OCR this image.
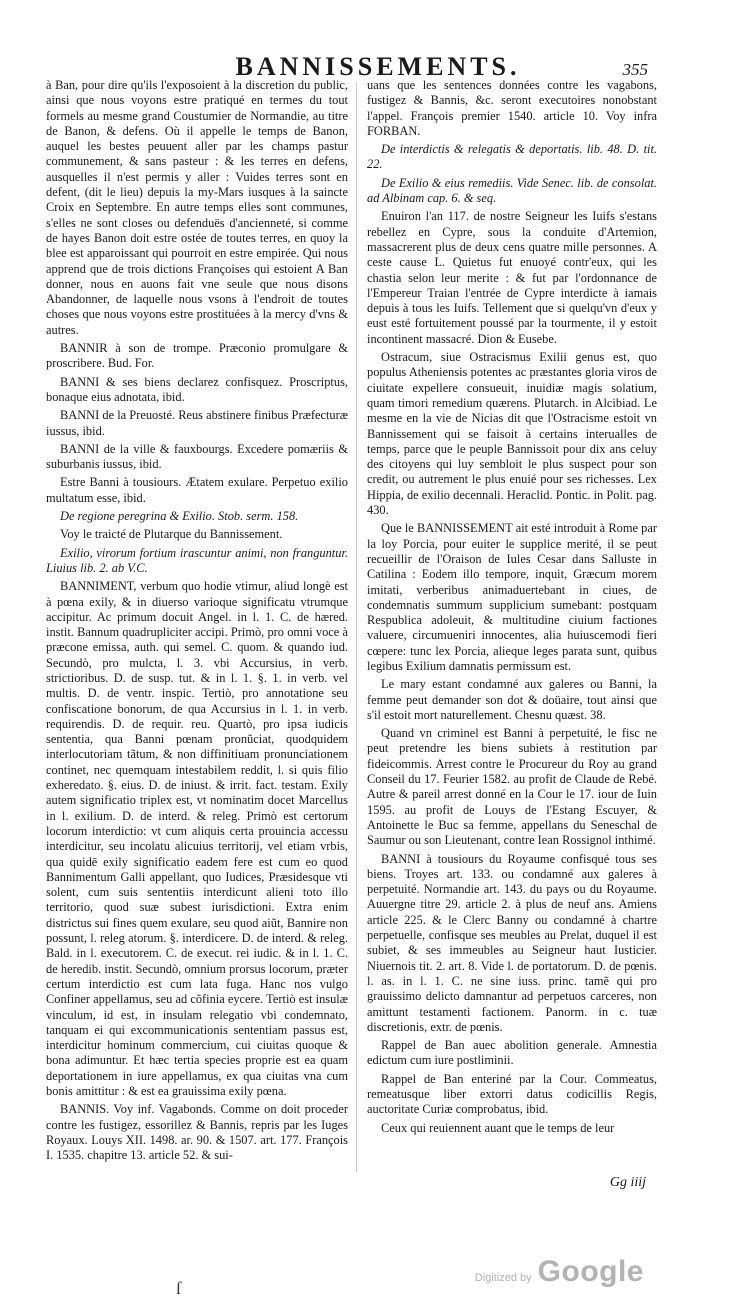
BANNISSEMENTS.	355

à Ban, pour dire qu'ils l'exposoient à la discretion du public, ainsi que nous voyons estre pratiqué en termes du tout formels au mesme grand Coustumier de Normandie, au titre de Banon, & defens. Où il appelle le temps de Banon, auquel les bestes peuuent aller par les champs pastur communement, & sans pasteur : & les terres en defens, ausquelles il n'est permis y aller : Vuides terres sont en defent, (dit le lieu) depuis la my-Mars iusques à la saincte Croix en Septembre. En autre temps elles sont communes, s'elles ne sont closes ou defenduës d'ancienneté, si comme de hayes Banon doit estre ostée de toutes terres, en quoy la blee est apparoissant qui pourroit en estre empirée. Qui nous apprend que de trois dictions Françoises qui estoient A Ban donner, nous en auons fait vne seule que nous disons Abandonner, de laquelle nous vsons à l'endroit de toutes choses que nous voyons estre prostituées à la mercy d'vns & autres.

BANNIR à son de trompe. Præconio promulgare & proscribere. Bud. For.

BANNI & ses biens declarez confisquez. Proscriptus, bonaque eius adnotata, ibid.

BANNI de la Preuosté. Reus abstinere finibus Præfecturæ iussus, ibid.

BANNI de la ville & fauxbourgs. Excedere pomæriis & suburbanis iussus, ibid.

Estre Banni à tousiours. Ætatem exulare. Perpetuo exilio multatum esse, ibid.

De regione peregrina & Exilio. Stob. serm. 158.

Voy le traicté de Plutarque du Bannissement.

Exilio, virorum fortium irascuntur animi, non franguntur. Liuius lib. 2. ab V.C.

BANNIMENT, verbum quo hodie vtimur, aliud longè est à pœna exily, & in diuerso varioque significatu vtrumque accipitur. Ac primum docuit Angel. in l. 1. C. de hæred. instit. Bannum quadrupliciter accipi. Primò, pro omni voce à præcone emissa, auth. qui semel. C. quom. & quando iud. Secundò, pro mulcta, l. 3. vbi Accursius, in verb. strictioribus. D. de susp. tut. & in l. 1. §. 1. in verb. vel multis. D. de ventr. inspic. Tertiò, pro annotatione seu confiscatione bonorum, de qua Accursius in l. 1. in verb. requirendis. D. de requir. reu. Quartò, pro ipsa iudicis sententia, qua Banni pœnam pronũciat, quodquidem interlocutoriam tãtum, & non diffinitiuam pronunciationem continet, nec quemquam intestabilem reddit, l. si quis filio exheredato. §. eius. D. de iniust. & irrit. fact. testam. Exily autem significatio triplex est, vt nominatim docet Marcellus in l. exilium. D. de interd. & releg. Primò est certorum locorum interdictio: vt cum aliquis certa prouincia accessu interdicitur, seu incolatu alicuius territorij, vel etiam vrbis, qua quidē exily significatio eadem fere est cum eo quod Bannimentum Galli appellant, quo Iudices, Præsidesque vti solent, cum suis sententiis interdicunt alieni toto illo territorio, quod suæ subest iurisdictioni. Extra enim districtus sui fines quem exulare, seu quod aiũt, Bannire non possunt, l. releg atorum. §. interdicere. D. de interd. & releg. Bald. in l. executorem. C. de execut. rei iudic. & in l. 1. C. de heredib. instit. Secundò, omnium prorsus locorum, præter certum interdictio est cum lata fuga. Hanc nos vulgo Confiner appellamus, seu ad cõfinia eycere. Tertiò est insulæ vinculum, id est, in insulam relegatio vbi condemnato, tanquam ei qui excommunicationis sententiam passus est, interdicitur hominum commercium, cui ciuitas quoque & bona adimuntur. Et hæc tertia species proprie est ea quam deportationem in iure appellamus, ex qua ciuitas vna cum bonis amittitur : & est ea grauissima exily pœna.

BANNIS. Voy inf. Vagabonds. Comme on doit proceder contre les fustigez, essorillez & Bannis, repris par les Iuges Royaux. Louys XII. 1498. ar. 90. & 1507. art. 177. François I. 1535. chapitre 13. article 52. & sui-

uans que les sentences données contre les vagabons, fustigez & Bannis, &c. seront executoires nonobstant l'appel. François premier 1540. article 10. Voy infra FORBAN.

De interdictis & relegatis & deportatis. lib. 48. D. tit. 22.

De Exilio & eius remediis. Vide Senec. lib. de consolat. ad Albinam cap. 6. & seq.

Enuiron l'an 117. de nostre Seigneur les Iuifs s'estans rebellez en Cypre, sous la conduite d'Artemion, massacrerent plus de deux cens quatre mille personnes. A ceste cause L. Quietus fut enuoyé contr'eux, qui les chastia selon leur merite : & fut par l'ordonnance de l'Empereur Traian l'entrée de Cypre interdicte à iamais depuis à tous les Iuifs. Tellement que si quelqu'vn d'eux y eust esté fortuitement poussé par la tourmente, il y estoit incontinent massacré. Dion & Eusebe.

Ostracum, siue Ostracismus Exilii genus est, quo populus Atheniensis potentes ac præstantes gloria viros de ciuitate expellere consueuit, inuidiæ magis solatium, quam timori remedium quærens. Plutarch. in Alcibiad. Le mesme en la vie de Nicias dit que l'Ostracisme estoit vn Bannissement qui se faisoit à certains interualles de temps, parce que le peuple Bannissoit pour dix ans celuy des citoyens qui luy sembloit le plus suspect pour son credit, ou autrement le plus enuié pour ses richesses. Lex Hippia, de exilio decennali. Heraclid. Pontic. in Polit. pag. 430.

Que le BANNISSEMENT ait esté introduit à Rome par la loy Porcia, pour euiter le supplice merité, il se peut recueillir de l'Oraison de Iules Cesar dans Salluste in Catilina : Eodem illo tempore, inquit, Græcum morem imitati, verberibus animaduertebant in ciues, de condemnatis summum supplicium sumebant: postquam Respublica adoleuit, & multitudine ciuium factiones valuere, circumueniri innocentes, alia huiuscemodi fieri cœpere: tunc lex Porcia, alieque leges parata sunt, quibus legibus Exilium damnatis permissum est.

Le mary estant condamné aux galeres ou Banni, la femme peut demander son dot & doüaire, tout ainsi que s'il estoit mort naturellement. Chesnu quæst. 38.

Quand vn criminel est Banni à perpetuité, le fisc ne peut pretendre les biens subiets à restitution par fideicommis. Arrest contre le Procureur du Roy au grand Conseil du 17. Feurier 1582. au profit de Claude de Rebé. Autre & pareil arrest donné en la Cour le 17. iour de Iuin 1595. au profit de Louys de l'Estang Escuyer, & Antoinette le Buc sa femme, appellans du Seneschal de Saumur ou son Lieutenant, contre Iean Rossignol inthimé.

BANNI à tousiours du Royaume confisqué tous ses biens. Troyes art. 133. ou condamné aux galeres à perpetuité. Normandie art. 143. du pays ou du Royaume. Auuergne titre 29. article 2. à plus de neuf ans. Amiens article 225. & le Clerc Banny ou condamné à chartre perpetuelle, confisque ses meubles au Prelat, duquel il est subiet, & ses immeubles au Seigneur haut Iusticier. Niuernois tit. 2. art. 8. Vide l. de portatorum. D. de pœnis. l. as. in l. 1. C. ne sine iuss. princ. tamẽ qui pro grauissimo delicto damnantur ad perpetuos carceres, non amittunt testamenti factionem. Panorm. in c. tuæ discretionis, extr. de pœnis.

Rappel de Ban auec abolition generale. Amnestia edictum cum iure postliminii.

Rappel de Ban enteriné par la Cour. Commeatus, remeatusque liber extorri datus codicillis Regis, auctoritate Curiæ comprobatus, ibid.

Ceux qui reuiennent auant que le temps de leur

Gg iiij
ſ	Digitized by Google
